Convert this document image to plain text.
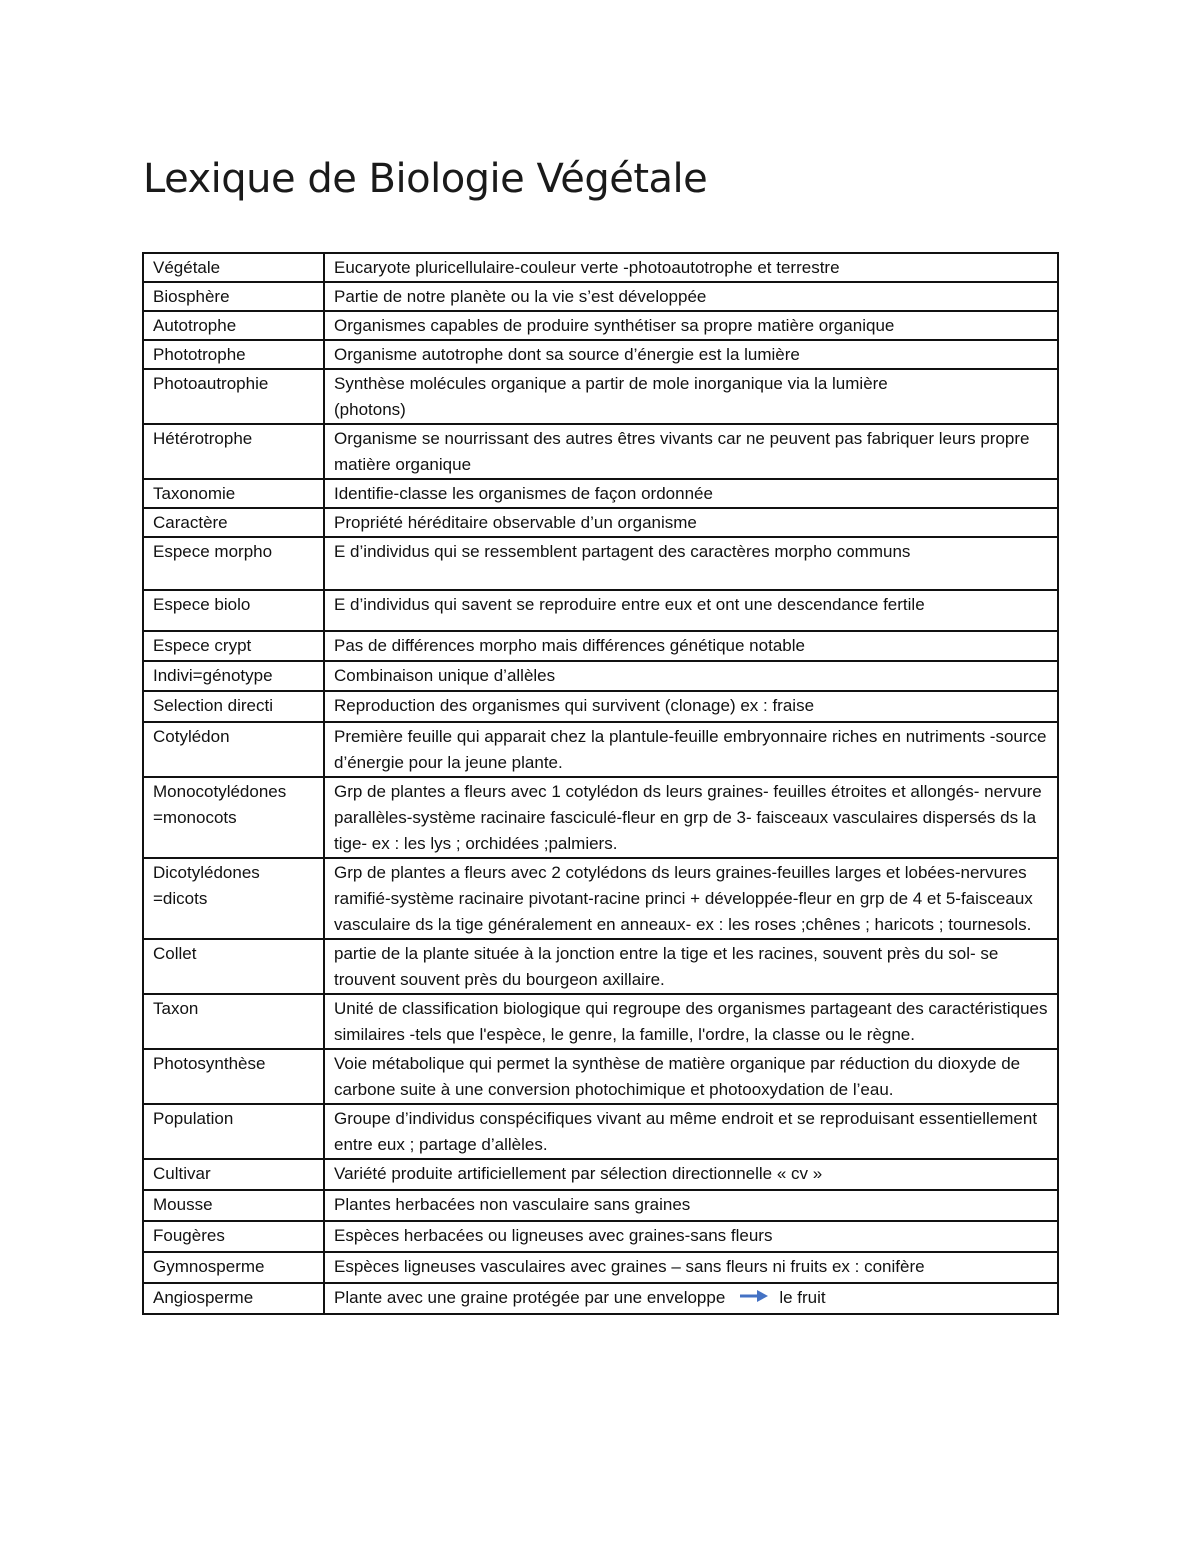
Lexique de Biologie Végétale
Végétale	Eucaryote pluricellulaire-couleur verte -photoautotrophe et terrestre
Biosphère	Partie de notre planète ou la vie s’est développée
Autotrophe	Organismes capables de produire synthétiser sa propre matière organique
Phototrophe	Organisme autotrophe dont sa source d’énergie est la lumière
Photoautrophie	Synthèse molécules organique a partir de mole inorganique via la lumière (photons)
Hétérotrophe	Organisme se nourrissant des autres êtres vivants car ne peuvent pas fabriquer leurs propre matière organique
Taxonomie	Identifie-classe les organismes de façon ordonnée
Caractère	Propriété héréditaire observable d’un organisme
Espece morpho	E d’individus qui se ressemblent partagent des caractères morpho communs
Espece biolo	E d’individus qui savent se reproduire entre eux et ont une descendance fertile
Espece crypt	Pas de différences morpho mais différences génétique notable
Indivi=génotype	Combinaison unique d’allèles
Selection directi	Reproduction des organismes qui survivent (clonage) ex : fraise
Cotylédon	Première feuille qui apparait chez la plantule-feuille embryonnaire riches en nutriments -source d’énergie pour la jeune plante.
Monocotylédones =monocots	Grp de plantes a fleurs avec 1 cotylédon ds leurs graines- feuilles étroites et allongés- nervure parallèles-système racinaire fasciculé-fleur en grp de 3- faisceaux vasculaires dispersés ds la tige- ex : les lys ; orchidées ;palmiers.
Dicotylédones =dicots	Grp de plantes a fleurs avec 2 cotylédons ds leurs graines-feuilles larges et lobées-nervures ramifié-système racinaire pivotant-racine princi + développée-fleur en grp de 4 et 5-faisceaux vasculaire ds la tige généralement en anneaux- ex : les roses ;chênes ; haricots ; tournesols.
Collet	partie de la plante située à la jonction entre la tige et les racines, souvent près du sol- se trouvent souvent près du bourgeon axillaire.
Taxon	Unité de classification biologique qui regroupe des organismes partageant des caractéristiques similaires -tels que l'espèce, le genre, la famille, l'ordre, la classe ou le règne.
Photosynthèse	Voie métabolique qui permet la synthèse de matière organique par réduction du dioxyde de carbone suite à une conversion photochimique et photooxydation de l’eau.
Population	Groupe d’individus conspécifiques vivant au même endroit et se reproduisant essentiellement entre eux ; partage d’allèles.
Cultivar	Variété produite artificiellement par sélection directionnelle « cv »
Mousse	Plantes herbacées non vasculaire sans graines
Fougères	Espèces herbacées ou ligneuses avec graines-sans fleurs
Gymnosperme	Espèces ligneuses vasculaires avec graines – sans fleurs ni fruits ex : conifère
Angiosperme	Plante avec une graine protégée par une enveloppe le fruit
